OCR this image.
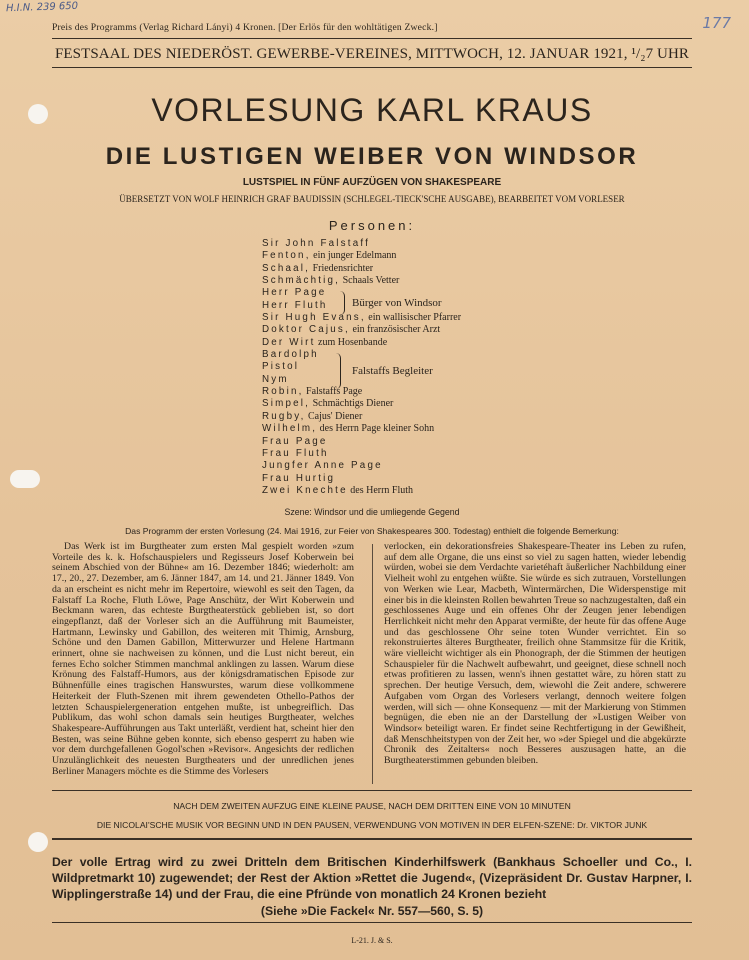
H.I.N. 239 650
177
Preis des Programms (Verlag Richard Lányi) 4 Kronen. [Der Erlös für den wohltätigen Zweck.]
FESTSAAL DES NIEDERÖST. GEWERBE-VEREINES, MITTWOCH, 12. JANUAR 1921, ¹/₂7 UHR
VORLESUNG KARL KRAUS
DIE LUSTIGEN WEIBER VON WINDSOR
LUSTSPIEL IN FÜNF AUFZÜGEN VON SHAKESPEARE
ÜBERSETZT VON WOLF HEINRICH GRAF BAUDISSIN (SCHLEGEL-TIECK'SCHE AUSGABE), BEARBEITET VOM VORLESER
Personen:
Sir John Falstaff
Fenton, ein junger Edelmann
Schaal, Friedensrichter
Schmächtig, Schaals Vetter
Herr Page
Herr Fluth
Sir Hugh Evans, ein wallisischer Pfarrer
Doktor Cajus, ein französischer Arzt
Der Wirt zum Hosenbande
Bardolph
Pistol
Nym
Robin, Falstaffs Page
Simpel, Schmächtigs Diener
Rugby, Cajus' Diener
Wilhelm, des Herrn Page kleiner Sohn
Frau Page
Frau Fluth
Jungfer Anne Page
Frau Hurtig
Zwei Knechte des Herrn Fluth
Bürger von Windsor
Falstaffs Begleiter
Szene: Windsor und die umliegende Gegend
Das Programm der ersten Vorlesung (24. Mai 1916, zur Feier von Shakespeares 300. Todestag) enthielt die folgende Bemerkung:

Das Werk ist im Burgtheater zum ersten Mal gespielt worden »zum Vorteile des k. k. Hofschauspielers und Regisseurs Josef Koberwein bei seinem Abschied von der Bühne« am 16. Dezember 1846; wiederholt: am 17., 20., 27. Dezember, am 6. Jänner 1847, am 14. und 21. Jänner 1849. Von da an erscheint es nicht mehr im Repertoire, wiewohl es seit den Tagen, da Falstaff La Roche, Fluth Löwe, Page Anschütz, der Wirt Koberwein und Beckmann waren, das echteste Burgtheaterstück geblieben ist, so dort eingepflanzt, daß der Vorleser sich an die Aufführung mit Baumeister, Hartmann, Lewinsky und Gabillon, des weiteren mit Thimig, Arnsburg, Schöne und den Damen Gabillon, Mitterwurzer und Helene Hartmann erinnert, ohne sie nachweisen zu können, und die Lust nicht bereut, ein fernes Echo solcher Stimmen manchmal anklingen zu lassen. Warum diese Krönung des Falstaff-Humors, aus der königsdramatischen Episode zur Bühnenfülle eines tragischen Hanswurstes, warum diese vollkommene Heiterkeit der Fluth-Szenen mit ihrem gewendeten Othello-Pathos der letzten Schauspielergeneration entgehen mußte, ist unbegreiflich. Das Publikum, das wohl schon damals sein heutiges Burgtheater, welches Shakespeare-Aufführungen aus Takt unterläßt, verdient hat, scheint hier den Besten, was seine Bühne geben konnte, sich ebenso gesperrt zu haben wie vor dem durchgefallenen Gogol'schen »Revisor«. Angesichts der redlichen Unzulänglichkeit des neuesten Burgtheaters und der unredlichen jenes Berliner Managers möchte es die Stimme des Vorlesers

verlocken, ein dekorationsfreies Shakespeare-Theater ins Leben zu rufen, auf dem alle Organe, die uns einst so viel zu sagen hatten, wieder lebendig würden, wobei sie dem Verdachte varietéhaft äußerlicher Nachbildung einer Vielheit wohl zu entgehen wüßte. Sie würde es sich zutrauen, Vorstellungen von Werken wie Lear, Macbeth, Wintermärchen, Die Widerspenstige mit einer bis in die kleinsten Rollen bewahrten Treue so nachzugestalten, daß ein geschlossenes Auge und ein offenes Ohr der Zeugen jener lebendigen Herrlichkeit nicht mehr den Apparat vermißte, der heute für das offene Auge und das geschlossene Ohr seine toten Wunder verrichtet. Ein so rekonstruiertes älteres Burgtheater, freilich ohne Stammsitze für die Kritik, wäre vielleicht wichtiger als ein Phonograph, der die Stimmen der heutigen Schauspieler für die Nachwelt aufbewahrt, und geeignet, diese schnell noch etwas profitieren zu lassen, wenn's ihnen gestattet wäre, zu hören statt zu sprechen. Der heutige Versuch, dem, wiewohl die Zeit andere, schwerere Aufgaben vom Organ des Vorlesers verlangt, dennoch weitere folgen werden, will sich — ohne Konsequenz — mit der Markierung von Stimmen begnügen, die eben nie an der Darstellung der »Lustigen Weiber von Windsor« beteiligt waren. Er findet seine Rechtfertigung in der Gewißheit, daß Menschheitstypen von der Zeit her, wo »der Spiegel und die abgekürzte Chronik des Zeitalters« noch Besseres auszusagen hatte, an die Burgtheaterstimmen gebunden bleiben.

NACH DEM ZWEITEN AUFZUG EINE KLEINE PAUSE, NACH DEM DRITTEN EINE VON 10 MINUTEN
DIE NICOLAI'SCHE MUSIK VOR BEGINN UND IN DEN PAUSEN, VERWENDUNG VON MOTIVEN IN DER ELFEN-SZENE: Dr. VIKTOR JUNK
Der volle Ertrag wird zu zwei Dritteln dem Britischen Kinderhilfswerk (Bankhaus Schoeller und Co., I. Wildpretmarkt 10) zugewendet; der Rest der Aktion »Rettet die Jugend«, (Vizepräsident Dr. Gustav Harpner, I. Wipplingerstraße 14) und der Frau, die eine Pfründe von monatlich 24 Kronen bezieht
(Siehe »Die Fackel« Nr. 557—560, S. 5)
L-21. J. & S.
